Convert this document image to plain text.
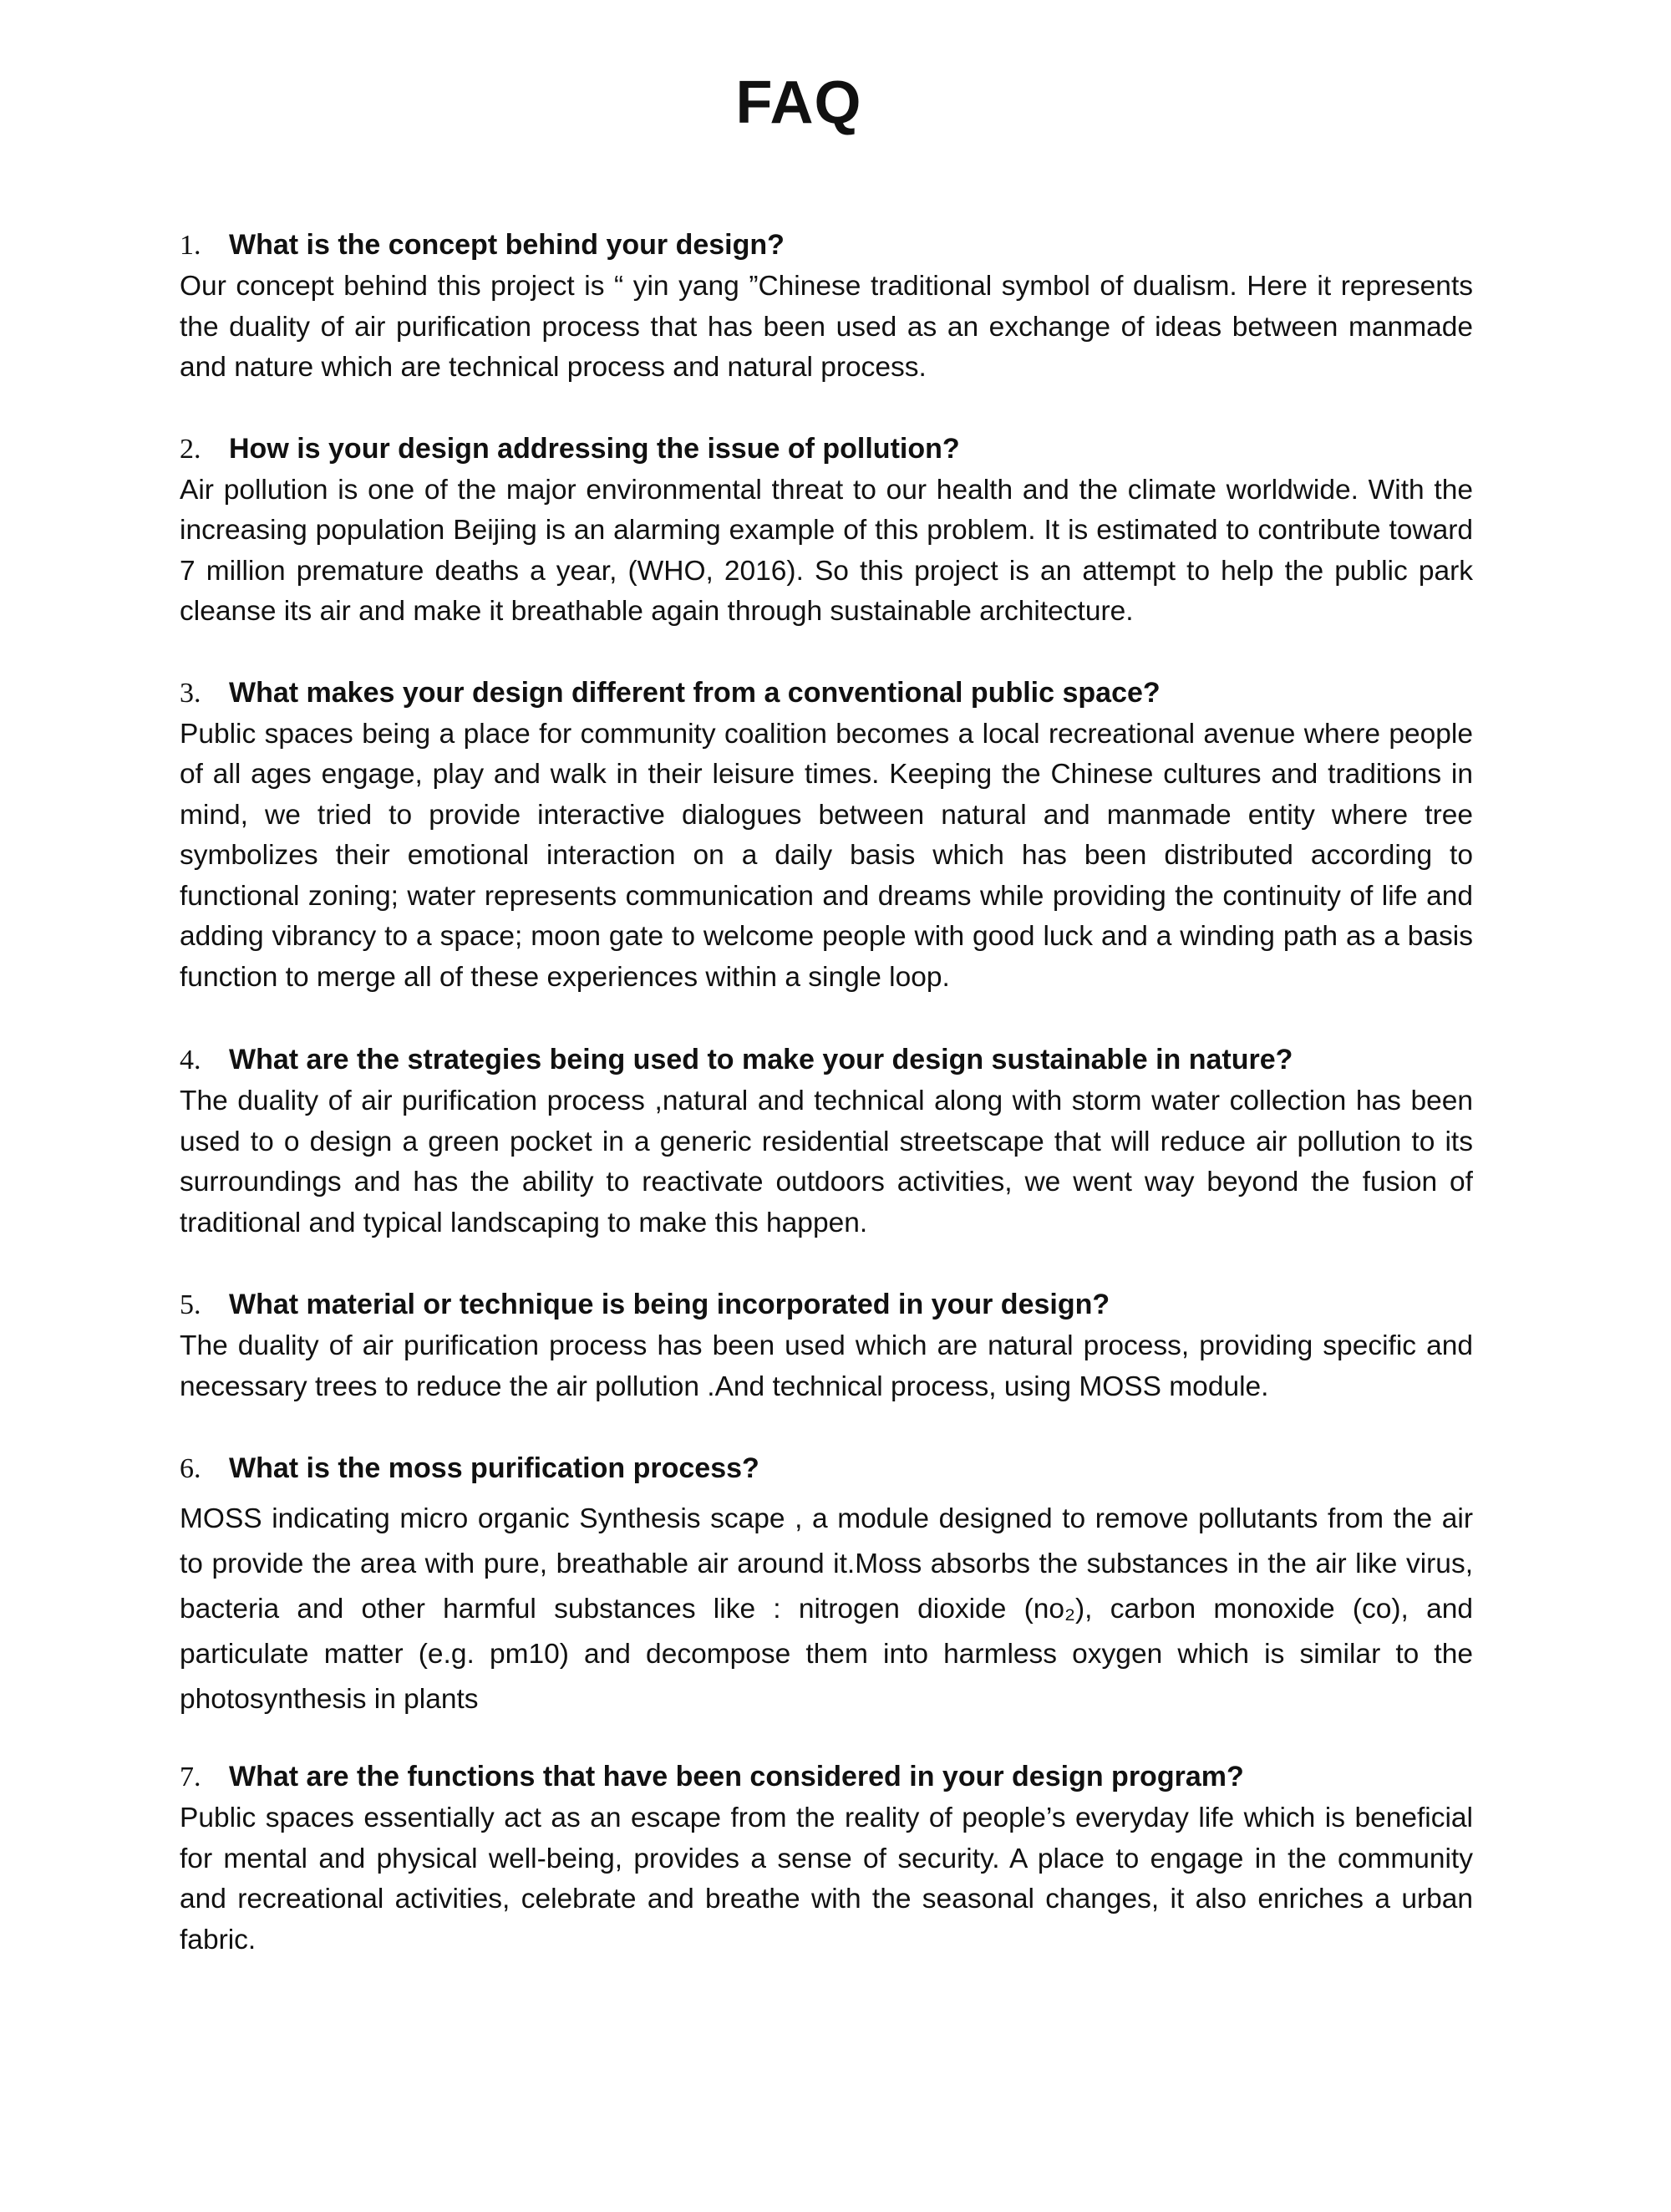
FAQ

1. What is the concept behind your design?

Our concept behind this project is “ yin yang ”Chinese traditional symbol of dualism. Here it represents the duality of air purification process that has been used as an exchange of ideas between manmade and nature which are technical process and natural process.

2. How is your design addressing the issue of pollution?

Air pollution is one of the major environmental threat to our health and the climate worldwide. With the increasing population Beijing is an alarming example of this problem. It is estimated to contribute toward 7 million premature deaths a year, (WHO, 2016). So this project is an attempt to help the public park cleanse its air and make it breathable again through sustainable architecture.

3. What makes your design different from a conventional public space?

Public spaces being a place for community coalition becomes a local recreational avenue where people of all ages engage, play and walk in their leisure times. Keeping the Chinese cultures and traditions in mind, we tried to provide interactive dialogues between natural and manmade entity where tree symbolizes their emotional interaction on a daily basis which has been distributed according to functional zoning; water represents communication and dreams while providing the continuity of life and adding vibrancy to a space; moon gate to welcome people with good luck and a winding path as a basis function to merge all of these experiences within a single loop.

4. What are the strategies being used to make your design sustainable in nature?

The duality of air purification process ,natural and technical along with storm water collection has been used to o design a green pocket in a generic residential streetscape that will reduce air pollution to its surroundings and has the ability to reactivate outdoors activities, we went way beyond the fusion of traditional and typical landscaping to make this happen.

5. What material or technique is being incorporated in your design?

The duality of air purification process has been used which are natural process, providing specific and necessary trees to reduce the air pollution .And technical process, using MOSS module.

6. What is the moss purification process?

MOSS indicating micro organic Synthesis scape , a module designed to remove pollutants from the air to provide the area with pure, breathable air around it.Moss absorbs the substances in the air like virus, bacteria and other harmful substances like : nitrogen dioxide (no₂), carbon monoxide (co), and particulate matter (e.g. pm10) and decompose them into harmless oxygen which is similar to the photosynthesis in plants

7. What are the functions that have been considered in your design program?

Public spaces essentially act as an escape from the reality of people’s everyday life which is beneficial for mental and physical well-being, provides a sense of security. A place to engage in the community and recreational activities, celebrate and breathe with the seasonal changes, it also enriches a urban fabric.
